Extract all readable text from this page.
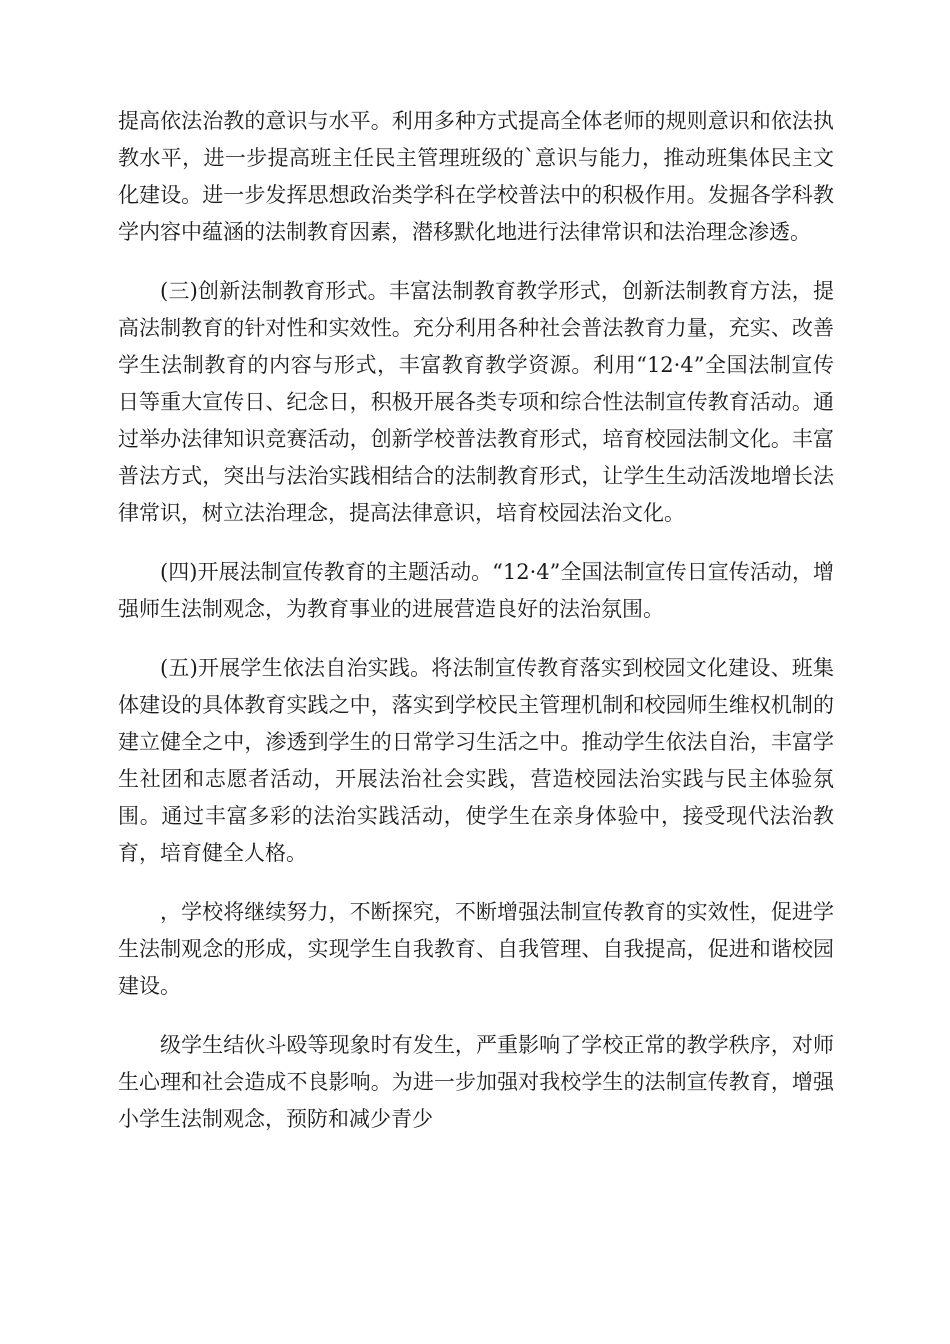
提高依法治教的意识与水平。利用多种方式提高全体老师的规则意识和依法执教水平，进一步提高班主任民主管理班级的`意识与能力，推动班集体民主文化建设。进一步发挥思想政治类学科在学校普法中的积极作用。发掘各学科教学内容中蕴涵的法制教育因素，潜移默化地进行法律常识和法治理念渗透。

(三)创新法制教育形式。丰富法制教育教学形式，创新法制教育方法，提高法制教育的针对性和实效性。充分利用各种社会普法教育力量，充实、改善学生法制教育的内容与形式，丰富教育教学资源。利用“12·4”全国法制宣传日等重大宣传日、纪念日，积极开展各类专项和综合性法制宣传教育活动。通过举办法律知识竞赛活动，创新学校普法教育形式，培育校园法制文化。丰富普法方式，突出与法治实践相结合的法制教育形式，让学生生动活泼地增长法律常识，树立法治理念，提高法律意识，培育校园法治文化。

(四)开展法制宣传教育的主题活动。“12·4”全国法制宣传日宣传活动，增强师生法制观念，为教育事业的进展营造良好的法治氛围。

(五)开展学生依法自治实践。将法制宣传教育落实到校园文化建设、班集体建设的具体教育实践之中，落实到学校民主管理机制和校园师生维权机制的建立健全之中，渗透到学生的日常学习生活之中。推动学生依法自治，丰富学生社团和志愿者活动，开展法治社会实践，营造校园法治实践与民主体验氛围。通过丰富多彩的法治实践活动，使学生在亲身体验中，接受现代法治教育，培育健全人格。

，学校将继续努力，不断探究，不断增强法制宣传教育的实效性，促进学生法制观念的形成，实现学生自我教育、自我管理、自我提高，促进和谐校园建设。

级学生结伙斗殴等现象时有发生，严重影响了学校正常的教学秩序，对师生心理和社会造成不良影响。为进一步加强对我校学生的法制宣传教育，增强小学生法制观念，预防和减少青少
